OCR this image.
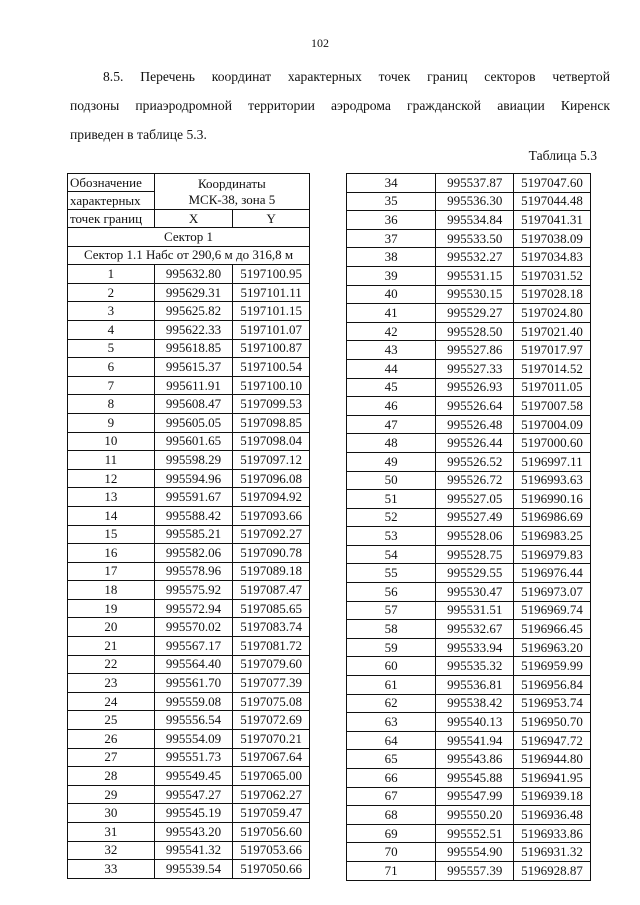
102

8.5. Перечень координат характерных точек границ секторов четвертой
подзоны приаэродромной территории аэродрома гражданской авиации Киренск
приведен в таблице 5.3.

Таблица 5.3
Обозначение	Координаты
МСК-38, зона 5	

характерных		
точек границ	X	Y
Сектор 1		
Сектор 1.1 Набс от 290,6 м до 316,8 м		
1	995632.80	5197100.95
2	995629.31	5197101.11
3	995625.82	5197101.15
4	995622.33	5197101.07
5	995618.85	5197100.87
6	995615.37	5197100.54
7	995611.91	5197100.10
8	995608.47	5197099.53
9	995605.05	5197098.85
10	995601.65	5197098.04
11	995598.29	5197097.12
12	995594.96	5197096.08
13	995591.67	5197094.92
14	995588.42	5197093.66
15	995585.21	5197092.27
16	995582.06	5197090.78
17	995578.96	5197089.18
18	995575.92	5197087.47
19	995572.94	5197085.65
20	995570.02	5197083.74
21	995567.17	5197081.72
22	995564.40	5197079.60
23	995561.70	5197077.39
24	995559.08	5197075.08
25	995556.54	5197072.69
26	995554.09	5197070.21
27	995551.73	5197067.64
28	995549.45	5197065.00
29	995547.27	5197062.27
30	995545.19	5197059.47
31	995543.20	5197056.60
32	995541.32	5197053.66
33	995539.54	5197050.66
34	995537.87	5197047.60
35	995536.30	5197044.48
36	995534.84	5197041.31
37	995533.50	5197038.09
38	995532.27	5197034.83
39	995531.15	5197031.52
40	995530.15	5197028.18
41	995529.27	5197024.80
42	995528.50	5197021.40
43	995527.86	5197017.97
44	995527.33	5197014.52
45	995526.93	5197011.05
46	995526.64	5197007.58
47	995526.48	5197004.09
48	995526.44	5197000.60
49	995526.52	5196997.11
50	995526.72	5196993.63
51	995527.05	5196990.16
52	995527.49	5196986.69
53	995528.06	5196983.25
54	995528.75	5196979.83
55	995529.55	5196976.44
56	995530.47	5196973.07
57	995531.51	5196969.74
58	995532.67	5196966.45
59	995533.94	5196963.20
60	995535.32	5196959.99
61	995536.81	5196956.84
62	995538.42	5196953.74
63	995540.13	5196950.70
64	995541.94	5196947.72
65	995543.86	5196944.80
66	995545.88	5196941.95
67	995547.99	5196939.18
68	995550.20	5196936.48
69	995552.51	5196933.86
70	995554.90	5196931.32
71	995557.39	5196928.87
